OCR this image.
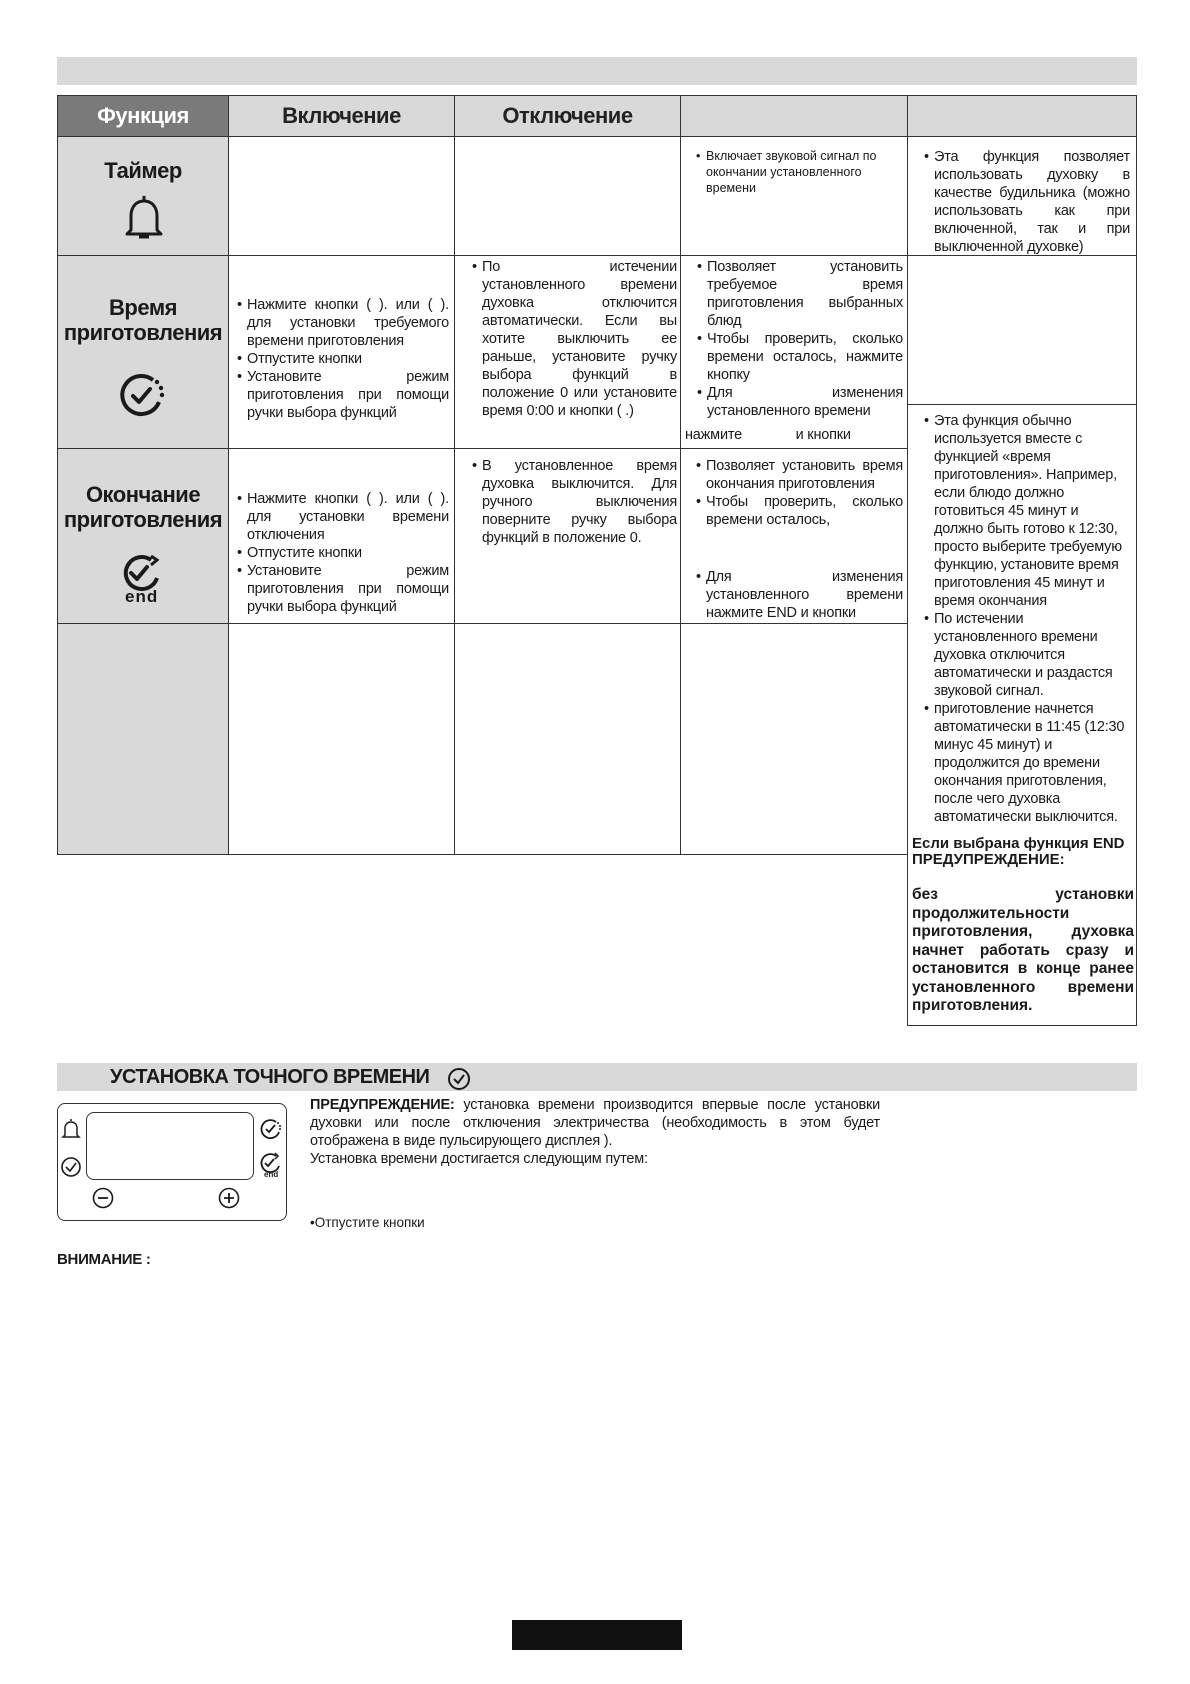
Функция	Включение	Отключение
Таймер
Время
приготовления
Окончание
приготовления
end
• Нажмите кнопки ( ). или ( ). для установки требуемого времени приготовления
• Отпустите кнопки
• Установите режим приготовления при помощи ручки выбора функций
• Нажмите кнопки ( ). или ( ). для установки времени отключения
• Отпустите кнопки
• Установите режим приготовления при помощи ручки выбора функций
• По истечении установленного времени духовка отключится автоматически. Если вы хотите выключить ее раньше, установите ручку выбора функций в положение 0 или установите время 0:00 и кнопки ( .)
• В установленное время духовка выключится. Для ручного выключения поверните ручку выбора функций в положение 0.
• Включает звуковой сигнал по окончании установленного времени
• Позволяет установить требуемое время приготовления выбранных блюд
• Чтобы проверить, сколько времени осталось, нажмите кнопку
• Для изменения установленного времени
нажмите              и кнопки
• Позволяет установить время окончания приготовления
• Чтобы проверить, сколько времени осталось,
• Для изменения установленного времени нажмите END и кнопки
• Эта функция позволяет использовать духовку в качестве будильника (можно использовать как при включенной, так и при выключенной духовке)
• Эта функция обычно используется вместе с функцией «время приготовления». Например, если блюдо должно готовиться 45 минут и должно быть готово к 12:30, просто выберите требуемую функцию, установите время приготовления 45 минут и время окончания
• По истечении установленного времени духовка отключится автоматически и раздастся звуковой сигнал.
• приготовление начнется автоматически в 11:45 (12:30 минус 45 минут) и продолжится до времени окончания приготовления, после чего духовка автоматически выключится.
Если выбрана функция END ПРЕДУПРЕЖДЕНИЕ:
без установки продолжительности приготовления, духовка начнет работать сразу и остановится в конце ранее установленного времени приготовления.
УСТАНОВКА ТОЧНОГО ВРЕМЕНИ
end
ПРЕДУПРЕЖДЕНИЕ: установка времени производится впервые после установки духовки или после отключения электричества (необходимость в этом будет отображена в виде пульсирующего дисплея ).
Установка времени достигается следующим путем:
•Отпустите кнопки
ВНИМАНИЕ :
